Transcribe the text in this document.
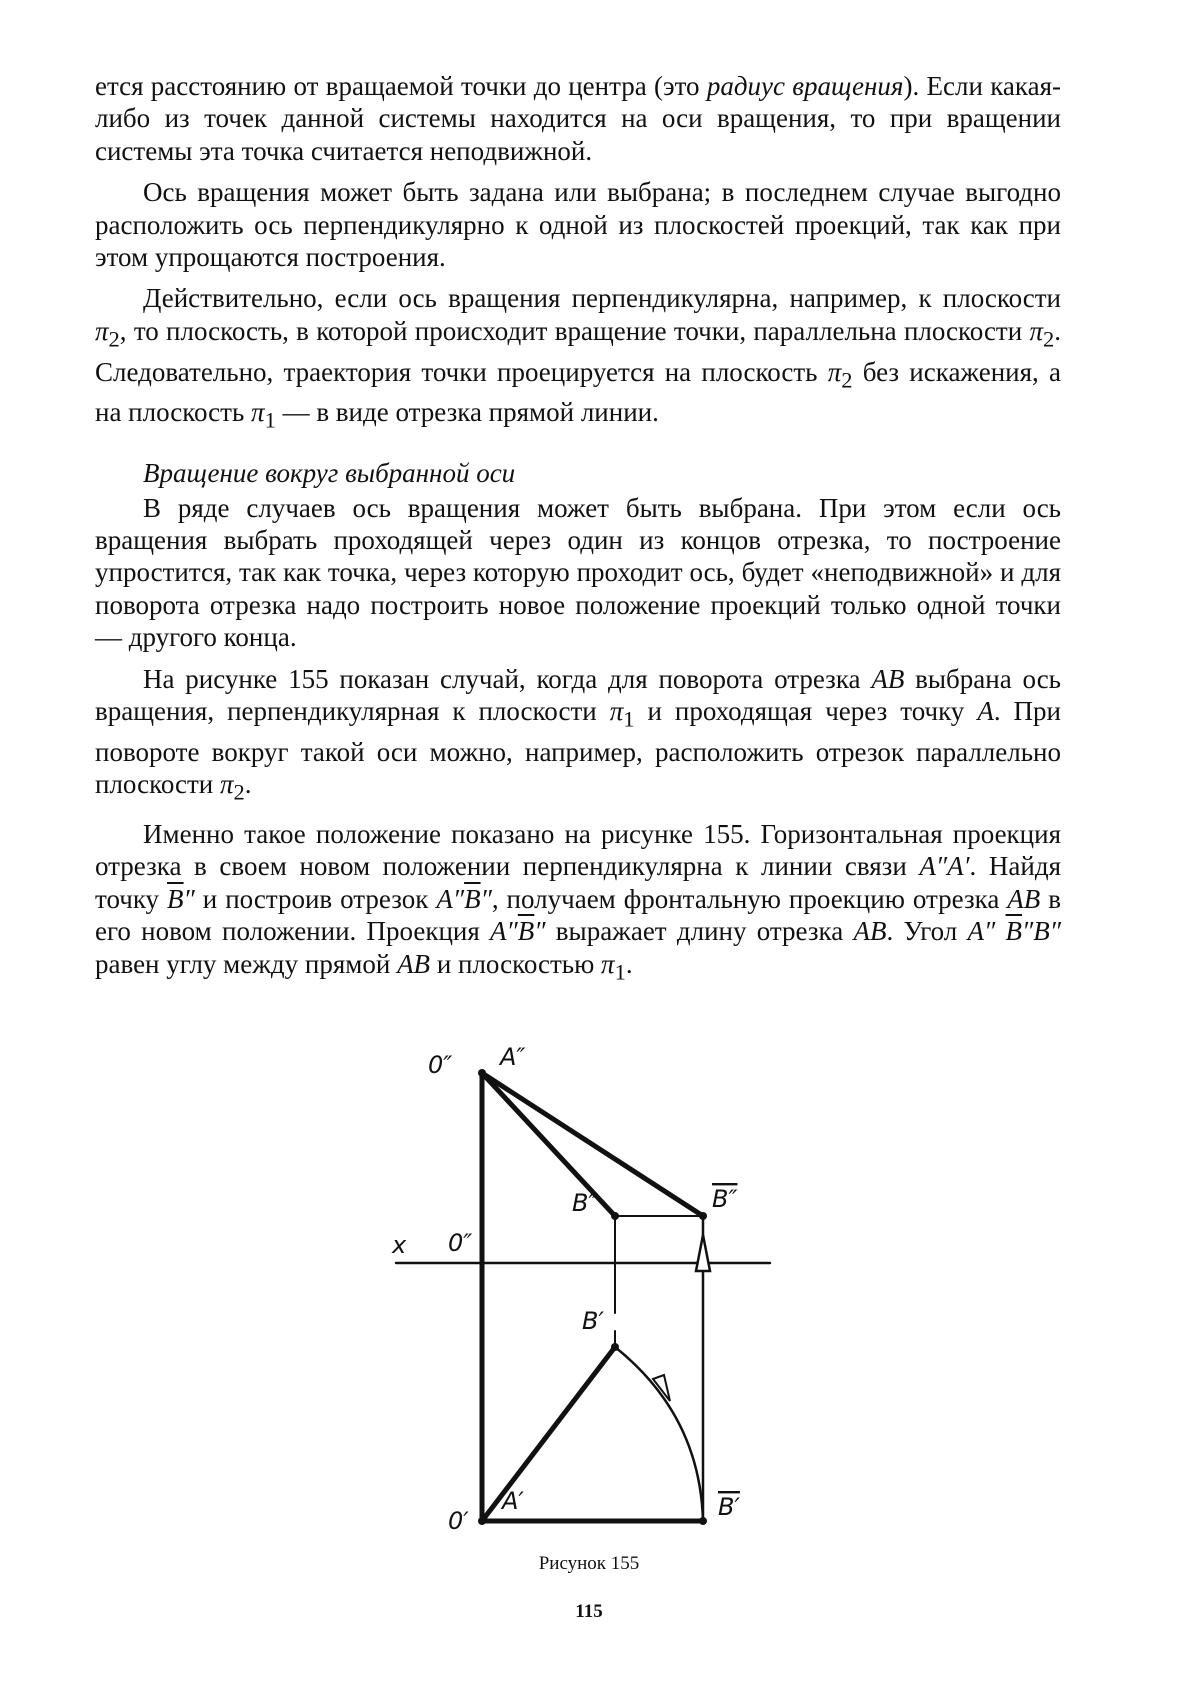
ется расстоянию от вращаемой точки до центра (это радиус вращения). Если какая-либо из точек данной системы находится на оси вращения, то при вращении системы эта точка считается неподвижной.

Ось вращения может быть задана или выбрана; в последнем случае выгодно расположить ось перпендикулярно к одной из плоскостей проекций, так как при этом упрощаются построения.

Действительно, если ось вращения перпендикулярна, например, к плоскости $\pi_2$, то плоскость, в которой происходит вращение точки, параллельна плоскости $\pi_2$. Следовательно, траектория точки проецируется на плоскость $\pi_2$ без искажения, а на плоскость $\pi_1$ — в виде отрезка прямой линии.

Вращение вокруг выбранной оси

В ряде случаев ось вращения может быть выбрана. При этом если ось вращения выбрать проходящей через один из концов отрезка, то построение упростится, так как точка, через которую проходит ось, будет «неподвижной» и для поворота отрезка надо построить новое положение проекций только одной точки — другого конца.

На рисунке 155 показан случай, когда для поворота отрезка AB выбрана ось вращения, перпендикулярная к плоскости $\pi_1$ и проходящая через точку A. При повороте вокруг такой оси можно, например, расположить отрезок параллельно плоскости $\pi_2$.

Именно такое положение показано на рисунке 155. Горизонтальная проекция отрезка в своем новом положении перпендикулярна к линии связи A″A′. Найдя точку $\overline{B}''$ и построив отрезок $A''\overline{B}''$, получаем фронтальную проекцию отрезка AB в его новом положении. Проекция $A''\overline{B}''$ выражает длину отрезка AB. Угол A″ $\overline{B}''B''$ равен углу между прямой AB и плоскостью $\pi_1$.

0″ A″
B″	B″
x 0″
B′
0′
A′	B′
Рисунок 155
115
